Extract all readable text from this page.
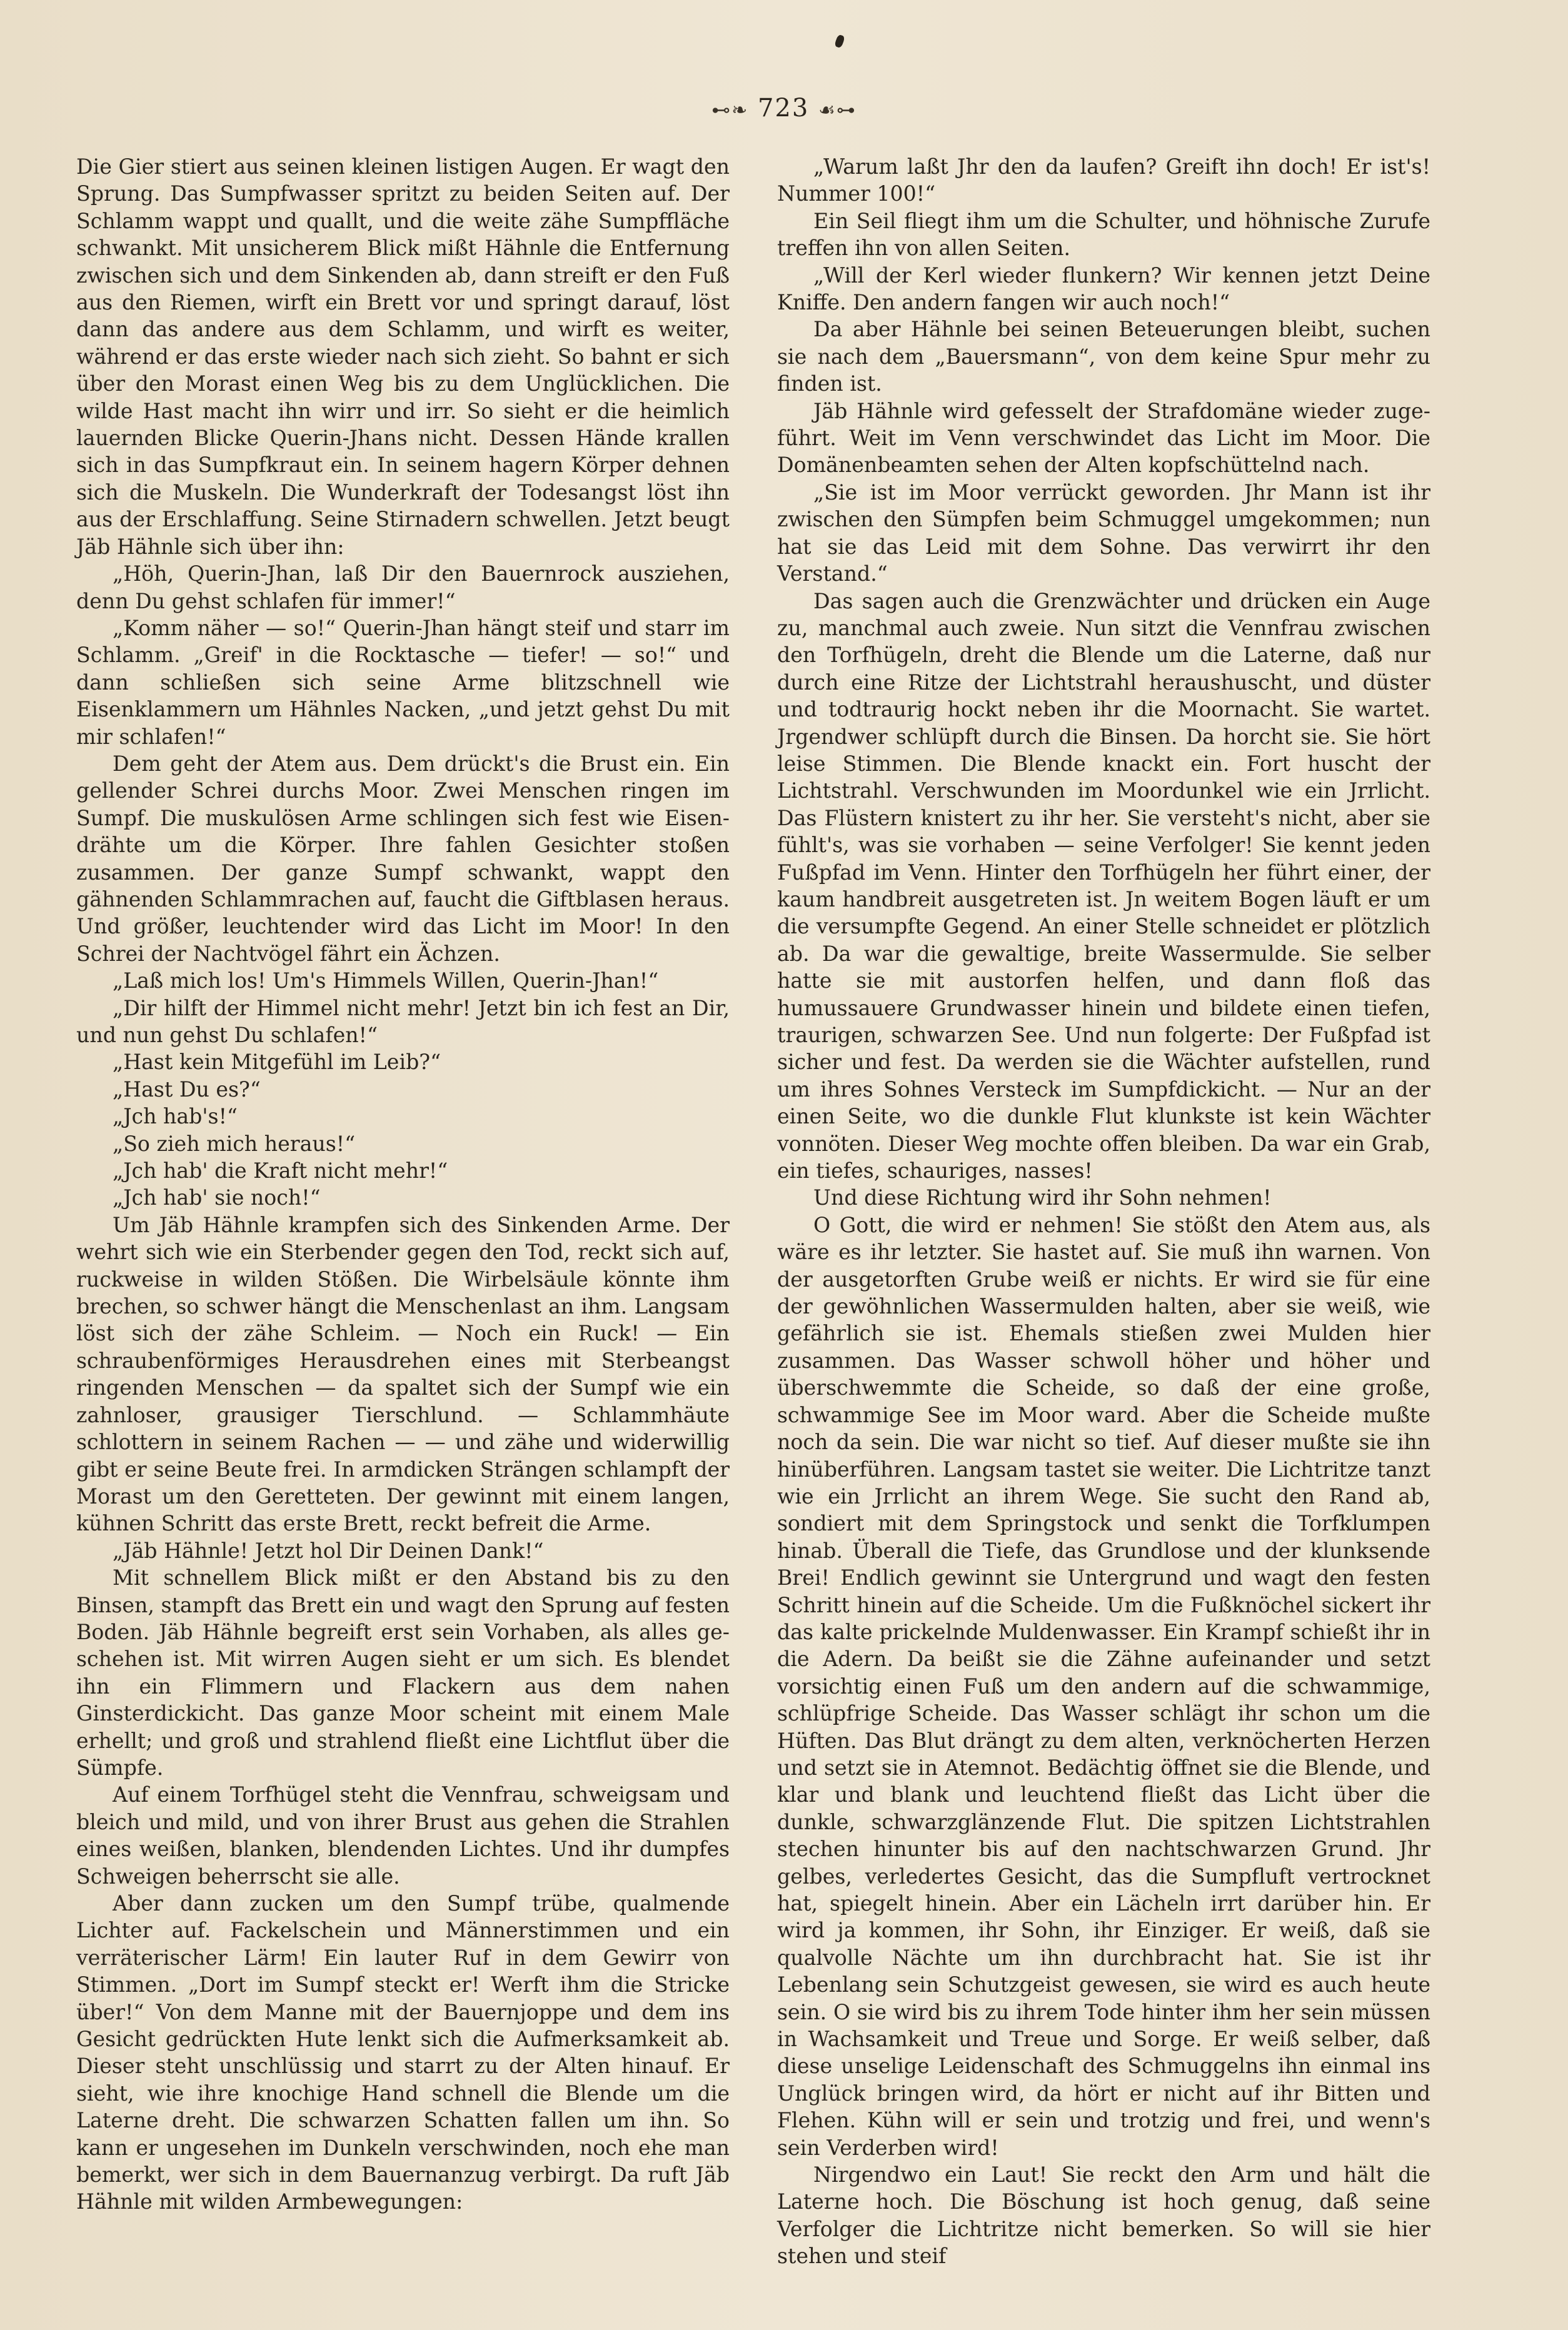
⊷❧ 723 ☙⊶

Die Gier stiert aus seinen kleinen listigen Augen. Er wagt den Sprung. Das Sumpfwasser spritzt zu beiden Seiten auf. Der Schlamm wappt und quallt, und die weite zähe Sumpffläche schwankt. Mit unsicherem Blick mißt Hähnle die Entfernung zwischen sich und dem Sinkenden ab, dann streift er den Fuß aus den Riemen, wirft ein Brett vor und springt darauf, löst dann das andere aus dem Schlamm, und wirft es weiter, während er das erste wieder nach sich zieht. So bahnt er sich über den Morast einen Weg bis zu dem Unglücklichen. Die wilde Hast macht ihn wirr und irr. So sieht er die heimlich lauernden Blicke Querin-Jhans nicht. Dessen Hände krallen sich in das Sumpfkraut ein. In seinem hagern Körper dehnen sich die Muskeln. Die Wunderkraft der Todesangst löst ihn aus der Erschlaffung. Seine Stirnadern schwellen. Jetzt beugt Jäb Hähnle sich über ihn:

„Höh, Querin-Jhan, laß Dir den Bauernrock ausziehen, denn Du gehst schlafen für immer!“

„Komm näher — so!“ Querin-Jhan hängt steif und starr im Schlamm. „Greif' in die Rocktasche — tiefer! — so!“ und dann schließen sich seine Arme blitzschnell wie Eisenklammern um Hähnles Nacken, „und jetzt gehst Du mit mir schlafen!“

Dem geht der Atem aus. Dem drückt's die Brust ein. Ein gellender Schrei durchs Moor. Zwei Menschen ringen im Sumpf. Die muskulösen Arme schlingen sich fest wie Eisendrähte um die Körper. Ihre fahlen Gesichter stoßen zusammen. Der ganze Sumpf schwankt, wappt den gähnenden Schlammrachen auf, faucht die Giftblasen heraus. Und größer, leuchtender wird das Licht im Moor! In den Schrei der Nachtvögel fährt ein Ächzen.

„Laß mich los! Um's Himmels Willen, Querin-Jhan!“

„Dir hilft der Himmel nicht mehr! Jetzt bin ich fest an Dir, und nun gehst Du schlafen!“

„Hast kein Mitgefühl im Leib?“

„Hast Du es?“

„Jch hab's!“

„So zieh mich heraus!“

„Jch hab' die Kraft nicht mehr!“

„Jch hab' sie noch!“

Um Jäb Hähnle krampfen sich des Sinkenden Arme. Der wehrt sich wie ein Sterbender gegen den Tod, reckt sich auf, ruckweise in wilden Stößen. Die Wirbelsäule könnte ihm brechen, so schwer hängt die Menschenlast an ihm. Langsam löst sich der zähe Schleim. — Noch ein Ruck! — Ein schraubenförmiges Herausdrehen eines mit Sterbeangst ringenden Menschen — da spaltet sich der Sumpf wie ein zahnloser, grausiger Tierschlund. — Schlammhäute schlottern in seinem Rachen — — und zähe und widerwillig gibt er seine Beute frei. In armdicken Strängen schlampft der Morast um den Geretteten. Der gewinnt mit einem langen, kühnen Schritt das erste Brett, reckt befreit die Arme.

„Jäb Hähnle! Jetzt hol Dir Deinen Dank!“

Mit schnellem Blick mißt er den Abstand bis zu den Binsen, stampft das Brett ein und wagt den Sprung auf festen Boden. Jäb Hähnle begreift erst sein Vorhaben, als alles geschehen ist. Mit wirren Augen sieht er um sich. Es blendet ihn ein Flimmern und Flackern aus dem nahen Ginsterdickicht. Das ganze Moor scheint mit einem Male erhellt; und groß und strahlend fließt eine Lichtflut über die Sümpfe.

Auf einem Torfhügel steht die Vennfrau, schweigsam und bleich und mild, und von ihrer Brust aus gehen die Strahlen eines weißen, blanken, blendenden Lichtes. Und ihr dumpfes Schweigen beherrscht sie alle.

Aber dann zucken um den Sumpf trübe, qualmende Lichter auf. Fackelschein und Männerstimmen und ein verräterischer Lärm! Ein lauter Ruf in dem Gewirr von Stimmen. „Dort im Sumpf steckt er! Werft ihm die Stricke über!“ Von dem Manne mit der Bauernjoppe und dem ins Gesicht gedrückten Hute lenkt sich die Aufmerksamkeit ab. Dieser steht unschlüssig und starrt zu der Alten hinauf. Er sieht, wie ihre knochige Hand schnell die Blende um die Laterne dreht. Die schwarzen Schatten fallen um ihn. So kann er ungesehen im Dunkeln verschwinden, noch ehe man bemerkt, wer sich in dem Bauernanzug verbirgt. Da ruft Jäb Hähnle mit wilden Armbewegungen:

„Warum laßt Jhr den da laufen? Greift ihn doch! Er ist's! Nummer 100!“

Ein Seil fliegt ihm um die Schulter, und höhnische Zurufe treffen ihn von allen Seiten.

„Will der Kerl wieder flunkern? Wir kennen jetzt Deine Kniffe. Den andern fangen wir auch noch!“

Da aber Hähnle bei seinen Beteuerungen bleibt, suchen sie nach dem „Bauersmann“, von dem keine Spur mehr zu finden ist.

Jäb Hähnle wird gefesselt der Strafdomäne wieder zugeführt. Weit im Venn verschwindet das Licht im Moor. Die Domänenbeamten sehen der Alten kopfschüttelnd nach.

„Sie ist im Moor verrückt geworden. Jhr Mann ist ihr zwischen den Sümpfen beim Schmuggel umgekommen; nun hat sie das Leid mit dem Sohne. Das verwirrt ihr den Verstand.“

Das sagen auch die Grenzwächter und drücken ein Auge zu, manchmal auch zweie. Nun sitzt die Vennfrau zwischen den Torfhügeln, dreht die Blende um die Laterne, daß nur durch eine Ritze der Lichtstrahl heraushuscht, und düster und todtraurig hockt neben ihr die Moornacht. Sie wartet. Jrgendwer schlüpft durch die Binsen. Da horcht sie. Sie hört leise Stimmen. Die Blende knackt ein. Fort huscht der Lichtstrahl. Verschwunden im Moordunkel wie ein Jrrlicht. Das Flüstern knistert zu ihr her. Sie versteht's nicht, aber sie fühlt's, was sie vorhaben — seine Verfolger! Sie kennt jeden Fußpfad im Venn. Hinter den Torfhügeln her führt einer, der kaum handbreit ausgetreten ist. Jn weitem Bogen läuft er um die versumpfte Gegend. An einer Stelle schneidet er plötzlich ab. Da war die gewaltige, breite Wassermulde. Sie selber hatte sie mit austorfen helfen, und dann floß das humussauere Grundwasser hinein und bildete einen tiefen, traurigen, schwarzen See. Und nun folgerte: Der Fußpfad ist sicher und fest. Da werden sie die Wächter aufstellen, rund um ihres Sohnes Versteck im Sumpfdickicht. — Nur an der einen Seite, wo die dunkle Flut klunkste ist kein Wächter vonnöten. Dieser Weg mochte offen bleiben. Da war ein Grab, ein tiefes, schauriges, nasses!

Und diese Richtung wird ihr Sohn nehmen!

O Gott, die wird er nehmen! Sie stößt den Atem aus, als wäre es ihr letzter. Sie hastet auf. Sie muß ihn warnen. Von der ausgetorften Grube weiß er nichts. Er wird sie für eine der gewöhnlichen Wassermulden halten, aber sie weiß, wie gefährlich sie ist. Ehemals stießen zwei Mulden hier zusammen. Das Wasser schwoll höher und höher und überschwemmte die Scheide, so daß der eine große, schwammige See im Moor ward. Aber die Scheide mußte noch da sein. Die war nicht so tief. Auf dieser mußte sie ihn hinüberführen. Langsam tastet sie weiter. Die Lichtritze tanzt wie ein Jrrlicht an ihrem Wege. Sie sucht den Rand ab, sondiert mit dem Springstock und senkt die Torfklumpen hinab. Überall die Tiefe, das Grundlose und der klunksende Brei! Endlich gewinnt sie Untergrund und wagt den festen Schritt hinein auf die Scheide. Um die Fußknöchel sickert ihr das kalte prickelnde Muldenwasser. Ein Krampf schießt ihr in die Adern. Da beißt sie die Zähne aufeinander und setzt vorsichtig einen Fuß um den andern auf die schwammige, schlüpfrige Scheide. Das Wasser schlägt ihr schon um die Hüften. Das Blut drängt zu dem alten, verknöcherten Herzen und setzt sie in Atemnot. Bedächtig öffnet sie die Blende, und klar und blank und leuchtend fließt das Licht über die dunkle, schwarzglänzende Flut. Die spitzen Lichtstrahlen stechen hinunter bis auf den nachtschwarzen Grund. Jhr gelbes, verledertes Gesicht, das die Sumpfluft vertrocknet hat, spiegelt hinein. Aber ein Lächeln irrt darüber hin. Er wird ja kommen, ihr Sohn, ihr Einziger. Er weiß, daß sie qualvolle Nächte um ihn durchbracht hat. Sie ist ihr Lebenlang sein Schutzgeist gewesen, sie wird es auch heute sein. O sie wird bis zu ihrem Tode hinter ihm her sein müssen in Wachsamkeit und Treue und Sorge. Er weiß selber, daß diese unselige Leidenschaft des Schmuggelns ihn einmal ins Unglück bringen wird, da hört er nicht auf ihr Bitten und Flehen. Kühn will er sein und trotzig und frei, und wenn's sein Verderben wird!

Nirgendwo ein Laut! Sie reckt den Arm und hält die Laterne hoch. Die Böschung ist hoch genug, daß seine Verfolger die Lichtritze nicht bemerken. So will sie hier stehen und steif
